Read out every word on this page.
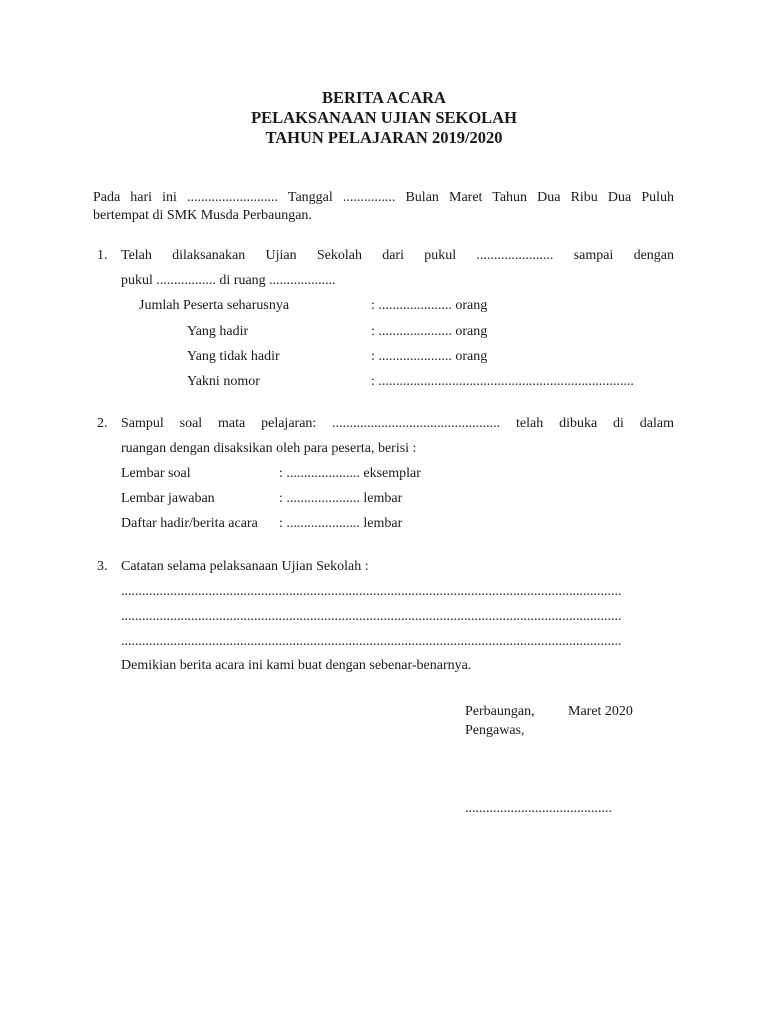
BERITA ACARA
PELAKSANAAN UJIAN SEKOLAH
TAHUN PELAJARAN 2019/2020
Pada hari ini .......................... Tanggal ............... Bulan Maret Tahun Dua Ribu Dua Puluh
bertempat di SMK Musda Perbaungan.
1. Telah dilaksanakan Ujian Sekolah dari pukul ...................... sampai dengan
pukul ................. di ruang ...................
Jumlah Peserta seharusnya	: ..................... orang
Yang hadir	: ..................... orang
Yang tidak hadir	: ..................... orang
Yakni nomor	: .........................................................................
2. Sampul soal mata pelajaran: ................................................ telah dibuka di dalam
ruangan dengan disaksikan oleh para peserta, berisi :
Lembar soal	: ..................... eksemplar
Lembar jawaban	: ..................... lembar
Daftar hadir/berita acara : ..................... lembar
3. Catatan selama pelaksanaan Ujian Sekolah :
...............................................................................................................................................
...............................................................................................................................................
...............................................................................................................................................
Demikian berita acara ini kami buat dengan sebenar-benarnya.
Perbaungan, Maret 2020
Pengawas,
..........................................
